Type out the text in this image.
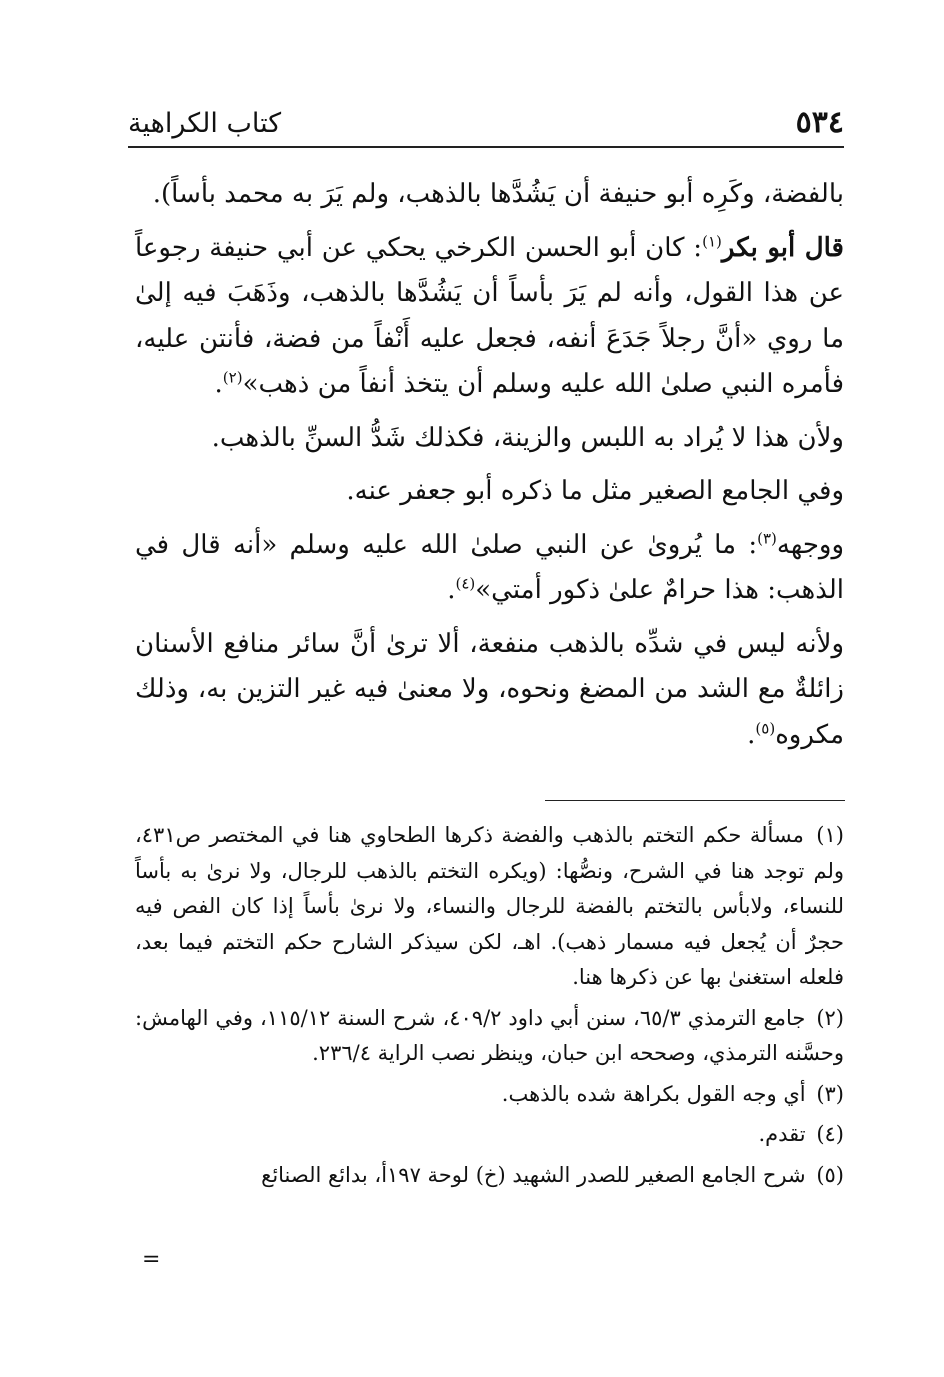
٥٣٤
كتاب الكراهية

بالفضة، وكَرِه أبو حنيفة أن يَشُدَّها بالذهب، ولم يَرَ به محمد بأساً).

قال أبو بكر$^{(١)}$: كان أبو الحسن الكرخي يحكي عن أبي حنيفة رجوعاً عن هذا القول، وأنه لم يَرَ بأساً أن يَشُدَّها بالذهب، وذَهَبَ فيه إلىٰ ما روي «أنَّ رجلاً جَدَعَ أنفه، فجعل عليه أَنْفاً من فضة، فأنتن عليه، فأمره النبي صلىٰ الله عليه وسلم أن يتخذ أنفاً من ذهب»$^{(٢)}$.

ولأن هذا لا يُراد به اللبس والزينة، فكذلك شَدُّ السنِّ بالذهب.

وفي الجامع الصغير مثل ما ذكره أبو جعفر عنه.

ووجهه$^{(٣)}$: ما يُروىٰ عن النبي صلىٰ الله عليه وسلم «أنه قال في الذهب: هذا حرامٌ علىٰ ذكور أمتي»$^{(٤)}$.

ولأنه ليس في شدِّه بالذهب منفعة، ألا ترىٰ أنَّ سائر منافع الأسنان زائلةٌ مع الشد من المضغ ونحوه، ولا معنىٰ فيه غير التزين به، وذلك مكروه$^{(٥)}$.

(١) مسألة حكم التختم بالذهب والفضة ذكرها الطحاوي هنا في المختصر ص٤٣١، ولم توجد هنا في الشرح، ونصُّها: (ويكره التختم بالذهب للرجال، ولا نرىٰ به بأساً للنساء، ولابأس بالتختم بالفضة للرجال والنساء، ولا نرىٰ بأساً إذا كان الفص فيه حجرٌ أن يُجعل فيه مسمار ذهب). اهـ، لكن سيذكر الشارح حكم التختم فيما بعد، فلعله استغنىٰ بها عن ذكرها هنا.

(٢) جامع الترمذي ٦٥/٣، سنن أبي داود ٤٠٩/٢، شرح السنة ١١٥/١٢، وفي الهامش: وحسَّنه الترمذي، وصححه ابن حبان، وينظر نصب الراية ٢٣٦/٤.

(٣) أي وجه القول بكراهة شده بالذهب.

(٤) تقدم.

(٥) شرح الجامع الصغير للصدر الشهيد (خ) لوحة ١٩٧أ، بدائع الصنائع

=
